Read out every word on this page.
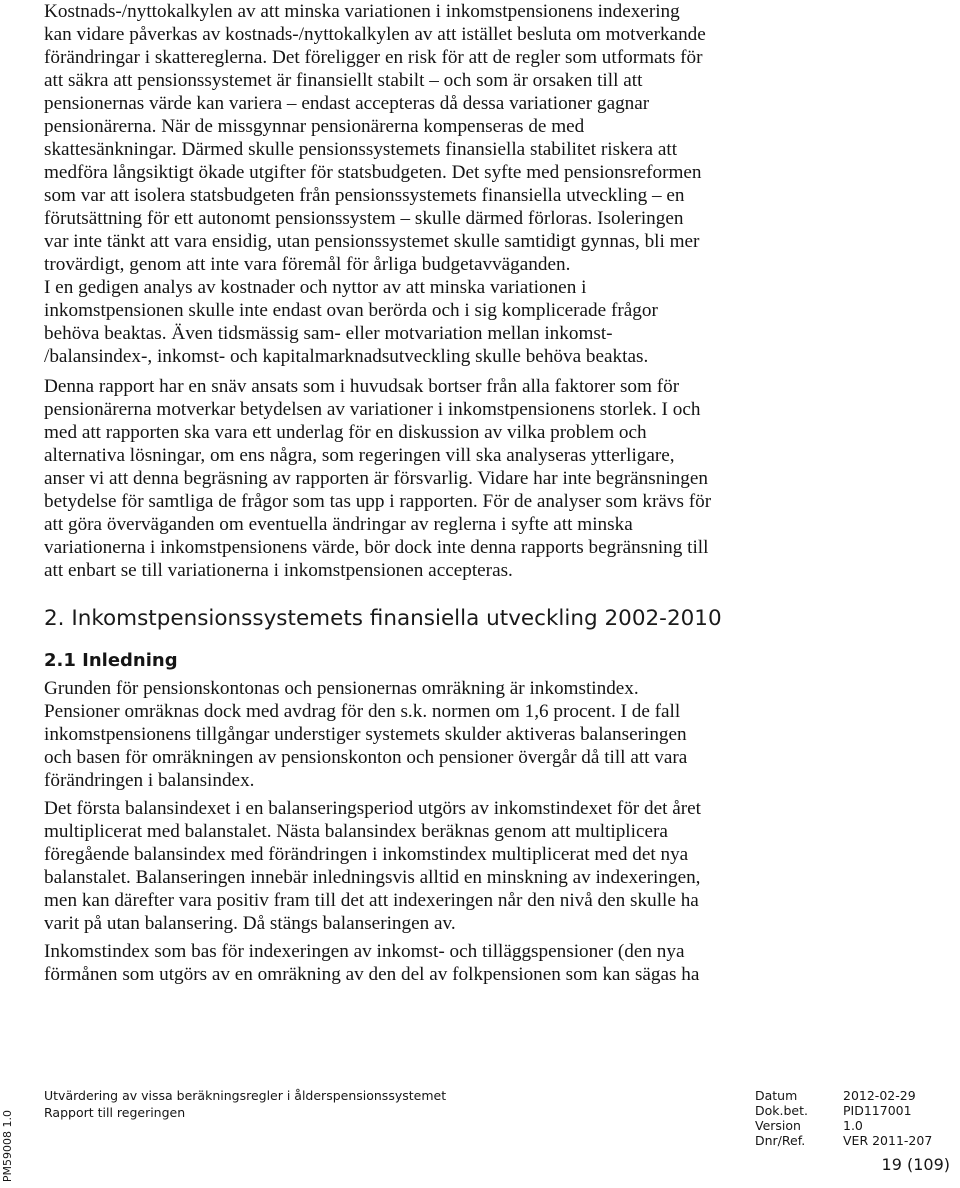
Kostnads-/nyttokalkylen av att minska variationen i inkomstpensionens indexering
kan vidare påverkas av kostnads-/nyttokalkylen av att istället besluta om motverkande
förändringar i skattereglerna. Det föreligger en risk för att de regler som utformats för
att säkra att pensionssystemet är finansiellt stabilt – och som är orsaken till att
pensionernas värde kan variera – endast accepteras då dessa variationer gagnar
pensionärerna. När de missgynnar pensionärerna kompenseras de med
skattesänkningar. Därmed skulle pensionssystemets finansiella stabilitet riskera att
medföra långsiktigt ökade utgifter för statsbudgeten. Det syfte med pensionsreformen
som var att isolera statsbudgeten från pensionssystemets finansiella utveckling – en
förutsättning för ett autonomt pensionssystem – skulle därmed förloras. Isoleringen
var inte tänkt att vara ensidig, utan pensionssystemet skulle samtidigt gynnas, bli mer
trovärdigt, genom att inte vara föremål för årliga budgetavväganden.
I en gedigen analys av kostnader och nyttor av att minska variationen i
inkomstpensionen skulle inte endast ovan berörda och i sig komplicerade frågor
behöva beaktas. Även tidsmässig sam- eller motvariation mellan inkomst-
/balansindex-, inkomst- och kapitalmarknadsutveckling skulle behöva beaktas.
Denna rapport har en snäv ansats som i huvudsak bortser från alla faktorer som för
pensionärerna motverkar betydelsen av variationer i inkomstpensionens storlek. I och
med att rapporten ska vara ett underlag för en diskussion av vilka problem och
alternativa lösningar, om ens några, som regeringen vill ska analyseras ytterligare,
anser vi att denna begräsning av rapporten är försvarlig. Vidare har inte begränsningen
betydelse för samtliga de frågor som tas upp i rapporten. För de analyser som krävs för
att göra överväganden om eventuella ändringar av reglerna i syfte att minska
variationerna i inkomstpensionens värde, bör dock inte denna rapports begränsning till
att enbart se till variationerna i inkomstpensionen accepteras.
2. Inkomstpensionssystemets finansiella utveckling 2002-2010
2.1 Inledning
Grunden för pensionskontonas och pensionernas omräkning är inkomstindex.
Pensioner omräknas dock med avdrag för den s.k. normen om 1,6 procent. I de fall
inkomstpensionens tillgångar understiger systemets skulder aktiveras balanseringen
och basen för omräkningen av pensionskonton och pensioner övergår då till att vara
förändringen i balansindex.
Det första balansindexet i en balanseringsperiod utgörs av inkomstindexet för det året
multiplicerat med balanstalet. Nästa balansindex beräknas genom att multiplicera
föregående balansindex med förändringen i inkomstindex multiplicerat med det nya
balanstalet. Balanseringen innebär inledningsvis alltid en minskning av indexeringen,
men kan därefter vara positiv fram till det att indexeringen når den nivå den skulle ha
varit på utan balansering. Då stängs balanseringen av.
Inkomstindex som bas för indexeringen av inkomst- och tilläggspensioner (den nya
förmånen som utgörs av en omräkning av den del av folkpensionen som kan sägas ha
Utvärdering av vissa beräkningsregler i ålderspensionssystemet
Rapport till regeringen
Datum	2012-02-29
Dok.bet.	PID117001
Version	1.0
Dnr/Ref.	VER 2011-207
19 (109)
PM59008 1.0
